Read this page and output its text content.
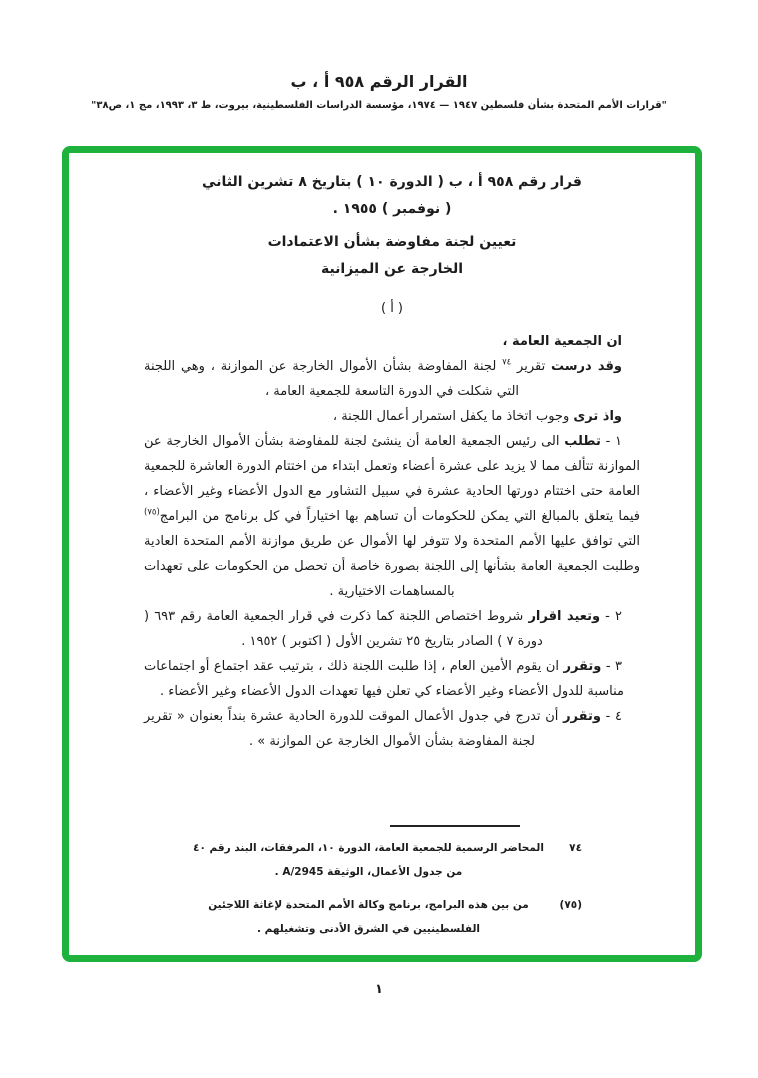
القرار الرقم ٩٥٨ أ ، ب
"قرارات الأمم المتحدة بشأن فلسطين ١٩٤٧ — ١٩٧٤، مؤسسة الدراسات الفلسطينية، بيروت، ط ٣، ١٩٩٣، مج ١، ص٣٨"
قرار رقم ٩٥٨ أ ، ب ( الدورة ١٠ ) بتاريخ ٨ تشرين الثاني
( نوفمبر ) ١٩٥٥ .
تعيين لجنة مفاوضة بشأن الاعتمادات
الخارجة عن الميزانية
( أ )

ان الجمعية العامة ،

وقد درست تقرير $^{٧٤}$ لجنة المفاوضة بشأن الأموال الخارجة عن الموازنة ، وهي اللجنة التي شكلت في الدورة التاسعة للجمعية العامة ،

واذ ترى وجوب اتخاذ ما يكفل استمرار أعمال اللجنة ،

١ - تطلب الى رئيس الجمعية العامة أن ينشئ لجنة للمفاوضة بشأن الأموال الخارجة عن الموازنة تتألف مما لا يزيد على عشرة أعضاء وتعمل ابتداء من اختتام الدورة العاشرة للجمعية العامة حتى اختتام دورتها الحادية عشرة في سبيل التشاور مع الدول الأعضاء وغير الأعضاء ، فيما يتعلق بالمبالغ التي يمكن للحكومات أن تساهم بها اختياراً في كل برنامج من البرامج$^{(٧٥)}$ التي توافق عليها الأمم المتحدة ولا تتوفر لها الأموال عن طريق موازنة الأمم المتحدة العادية وطلبت الجمعية العامة بشأنها إلى اللجنة بصورة خاصة أن تحصل من الحكومات على تعهدات بالمساهمات الاختيارية .

٢ - وتعيد اقرار شروط اختصاص اللجنة كما ذكرت في قرار الجمعية العامة رقم ٦٩٣ ( دورة ٧ ) الصادر بتاريخ ٢٥ تشرين الأول ( اكتوبر ) ١٩٥٢ .

٣ - وتقرر ان يقوم الأمين العام ، إذا طلبت اللجنة ذلك ، بترتيب عقد اجتماع أو اجتماعات مناسبة للدول الأعضاء وغير الأعضاء كي تعلن فيها تعهدات الدول الأعضاء وغير الأعضاء .

٤ - وتقرر أن تدرج في جدول الأعمال الموقت للدورة الحادية عشرة بنداً بعنوان « تقرير لجنة المفاوضة بشأن الأموال الخارجة عن الموازنة » .

٧٤
المحاضر الرسمية للجمعية العامة، الدورة ١٠، المرفقات، البند رقم ٤٠ من جدول الأعمال، الوثيقة A/2945 .
(٧٥)
من بين هذه البرامج، برنامج وكالة الأمم المتحدة لإغاثة اللاجئين الفلسطينيين في الشرق الأدنى وتشغيلهم .
١
